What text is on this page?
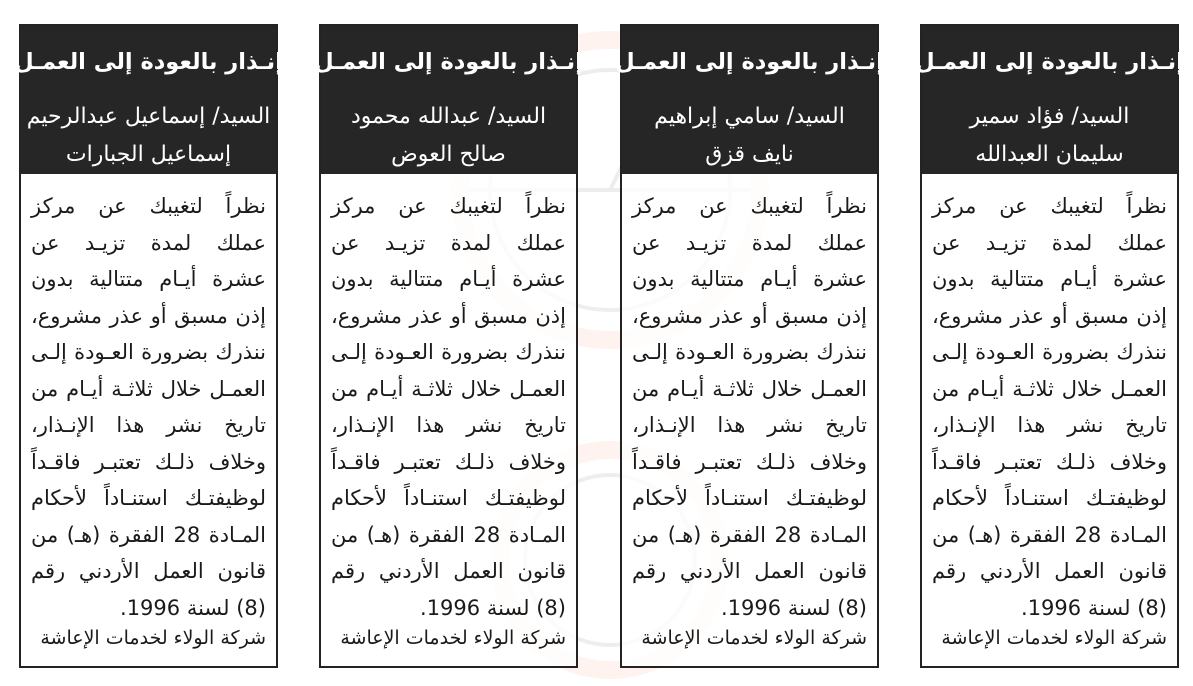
إنـذار بالعودة إلى العمـل
السيد/ فؤاد سمير
سليمان العبدالله
نظراً لتغيبك عن مركز عملك لمدة تزيـد عن عشرة أيـام متتالية بدون إذن مسبق أو عذر مشروع، ننذرك بضرورة العـودة إلـى العمـل خلال ثلاثـة أيـام من تاريخ نشر هذا الإنـذار، وخلاف ذلـك تعتبـر فاقـداً لوظيفتـك استنـاداً لأحكام المـادة 28 الفقرة (هـ) من قانون العمل الأردني رقم (8) لسنة 1996.
شركة الولاء لخدمات الإعاشة
إنـذار بالعودة إلى العمـل
السيد/ سامي إبراهيم
نايف قزق
نظراً لتغيبك عن مركز عملك لمدة تزيـد عن عشرة أيـام متتالية بدون إذن مسبق أو عذر مشروع، ننذرك بضرورة العـودة إلـى العمـل خلال ثلاثـة أيـام من تاريخ نشر هذا الإنـذار، وخلاف ذلـك تعتبـر فاقـداً لوظيفتـك استنـاداً لأحكام المـادة 28 الفقرة (هـ) من قانون العمل الأردني رقم (8) لسنة 1996.
شركة الولاء لخدمات الإعاشة
إنـذار بالعودة إلى العمـل
السيد/ عبدالله محمود
صالح العوض
نظراً لتغيبك عن مركز عملك لمدة تزيـد عن عشرة أيـام متتالية بدون إذن مسبق أو عذر مشروع، ننذرك بضرورة العـودة إلـى العمـل خلال ثلاثـة أيـام من تاريخ نشر هذا الإنـذار، وخلاف ذلـك تعتبـر فاقـداً لوظيفتـك استنـاداً لأحكام المـادة 28 الفقرة (هـ) من قانون العمل الأردني رقم (8) لسنة 1996.
شركة الولاء لخدمات الإعاشة
إنـذار بالعودة إلى العمـل
السيد/ إسماعيل عبدالرحيم
إسماعيل الجبارات
نظراً لتغيبك عن مركز عملك لمدة تزيـد عن عشرة أيـام متتالية بدون إذن مسبق أو عذر مشروع، ننذرك بضرورة العـودة إلـى العمـل خلال ثلاثـة أيـام من تاريخ نشر هذا الإنـذار، وخلاف ذلـك تعتبـر فاقـداً لوظيفتـك استنـاداً لأحكام المـادة 28 الفقرة (هـ) من قانون العمل الأردني رقم (8) لسنة 1996.
شركة الولاء لخدمات الإعاشة
